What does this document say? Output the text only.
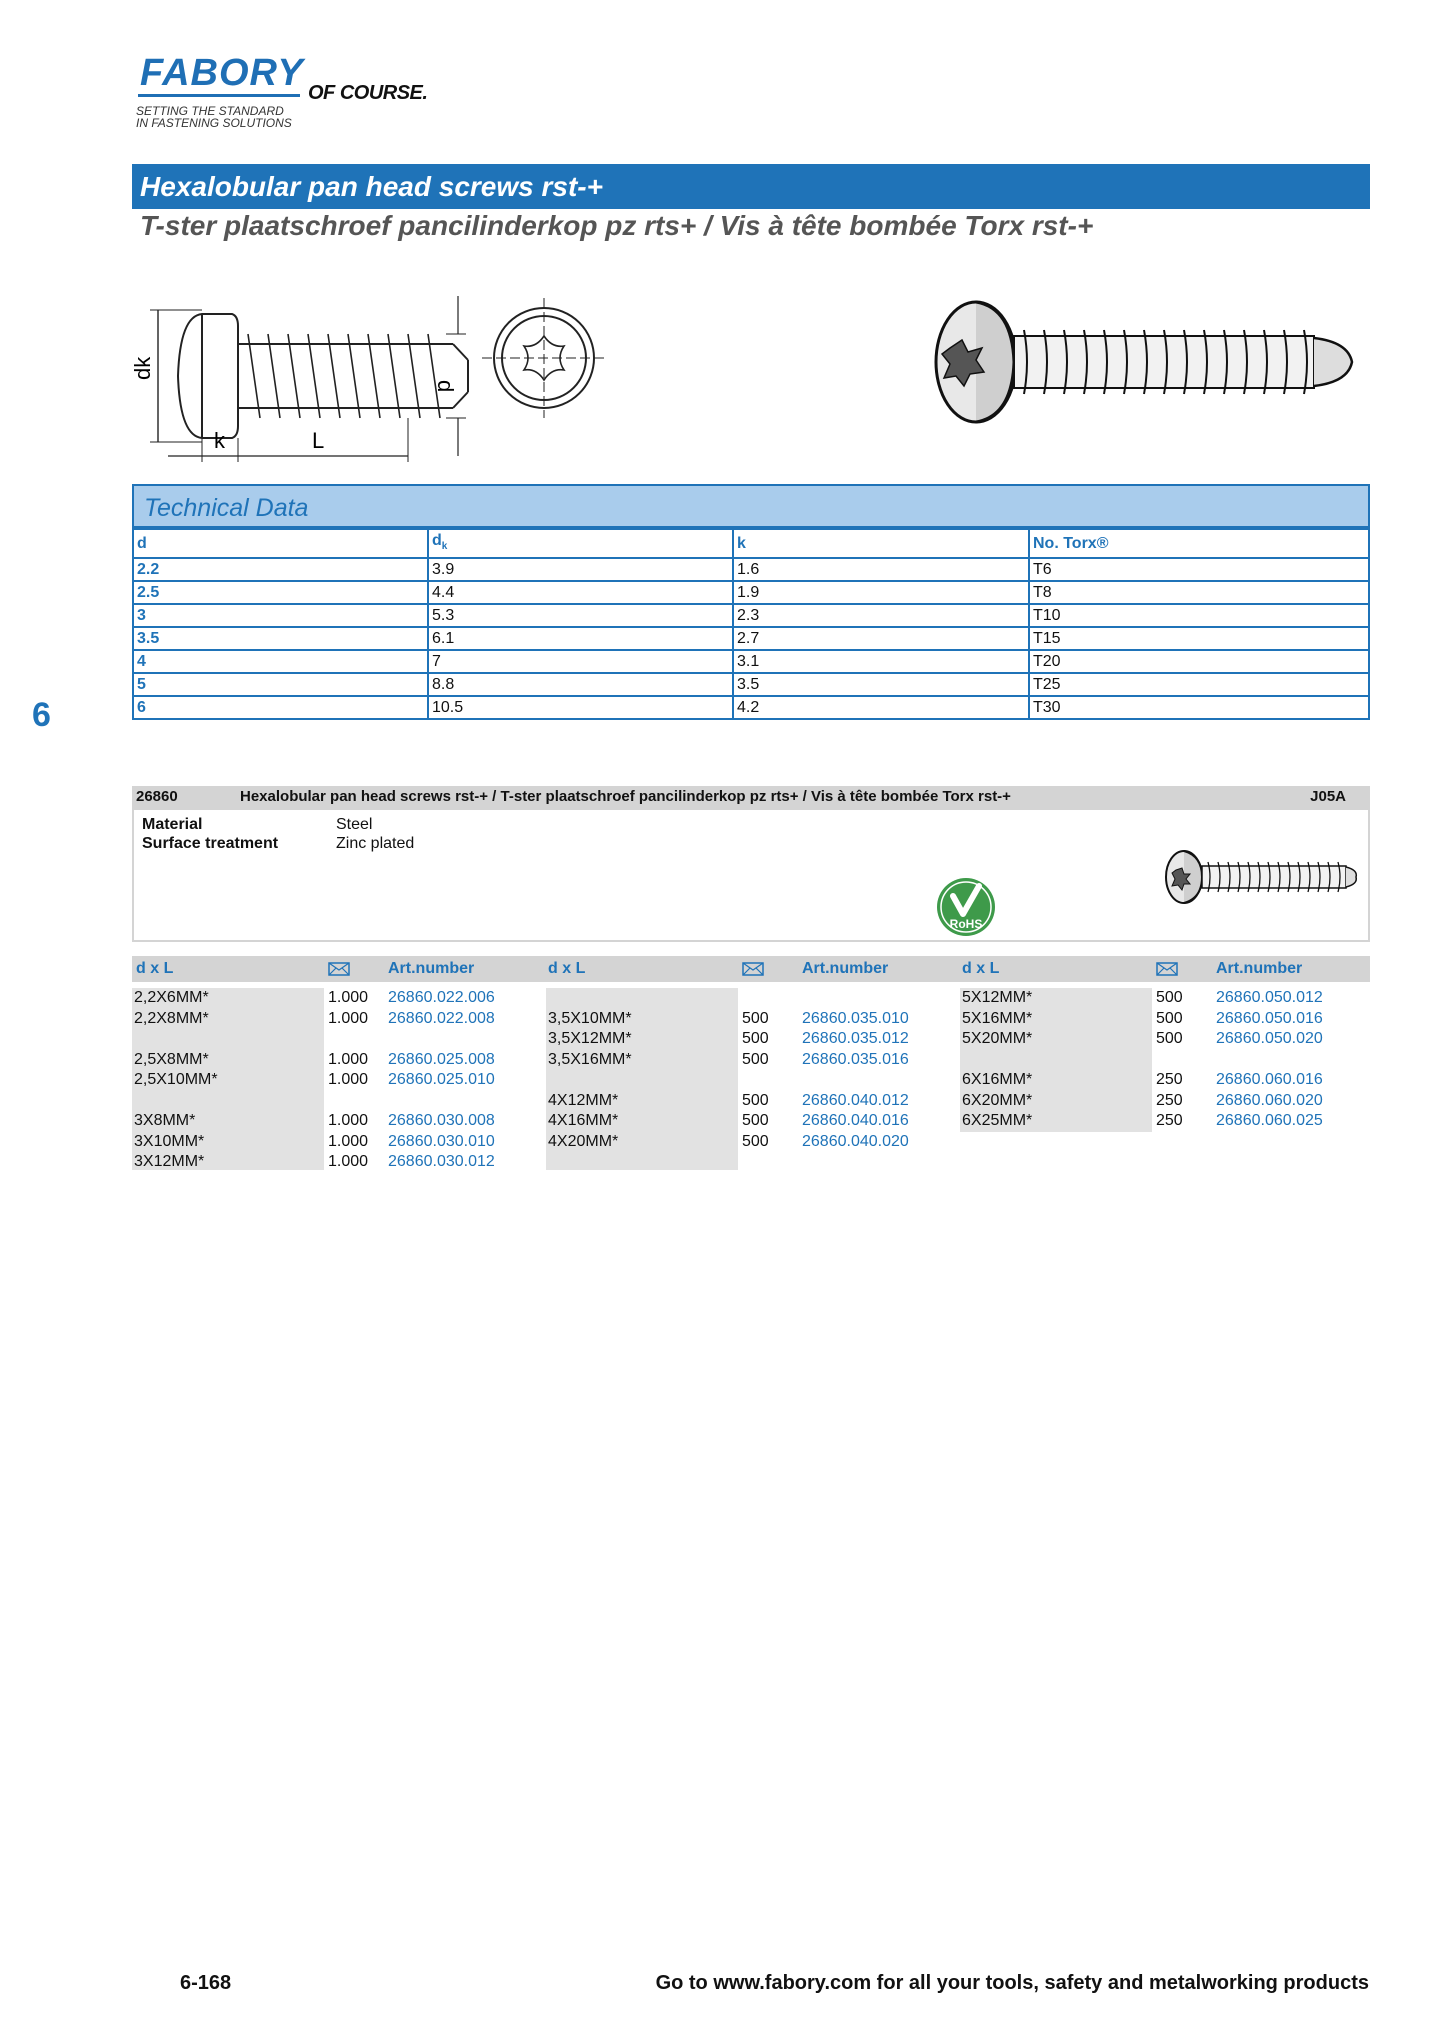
FABORY OF COURSE.
SETTING THE STANDARD
IN FASTENING SOLUTIONS
Hexalobular pan head screws rst-+
T-ster plaatschroef pancilinderkop pz rts+ / Vis à tête bombée Torx rst-+
dk
d
k	L
Technical Data
d	$d_k$	k	No. Torx®
2.2	3.9	1.6	T6
2.5	4.4	1.9	T8
3	5.3	2.3	T10
3.5	6.1	2.7	T15
4	7	3.1	T20
5	8.8	3.5	T25
6	10.5	4.2	T30
6
26860	Hexalobular pan head screws rst-+ / T-ster plaatschroef pancilinderkop pz rts+ / Vis à tête bombée Torx rst-+	J05A
Material	Steel
Surface treatment	Zinc plated
RoHS
d x L	Art.number	d x L	Art.number	d x L	Art.number
2,2X6MM*	1.000 26860.022.006
2,2X8MM*	1.000 26860.022.008
2,5X8MM*	1.000 26860.025.008
2,5X10MM*	1.000 26860.025.010
3X8MM*	1.000 26860.030.008
3X10MM*	1.000 26860.030.010
3X12MM*	1.000 26860.030.012
3,5X10MM*	500 26860.035.010
3,5X12MM*	500 26860.035.012
3,5X16MM*	500 26860.035.016
4X12MM*	500 26860.040.012
4X16MM*	500 26860.040.016
4X20MM*	500 26860.040.020
5X12MM*	500 26860.050.012
5X16MM*	500 26860.050.016
5X20MM*	500 26860.050.020
6X16MM*	250 26860.060.016
6X20MM*	250 26860.060.020
6X25MM*	250 26860.060.025
6-168	Go to www.fabory.com for all your tools, safety and metalworking products
